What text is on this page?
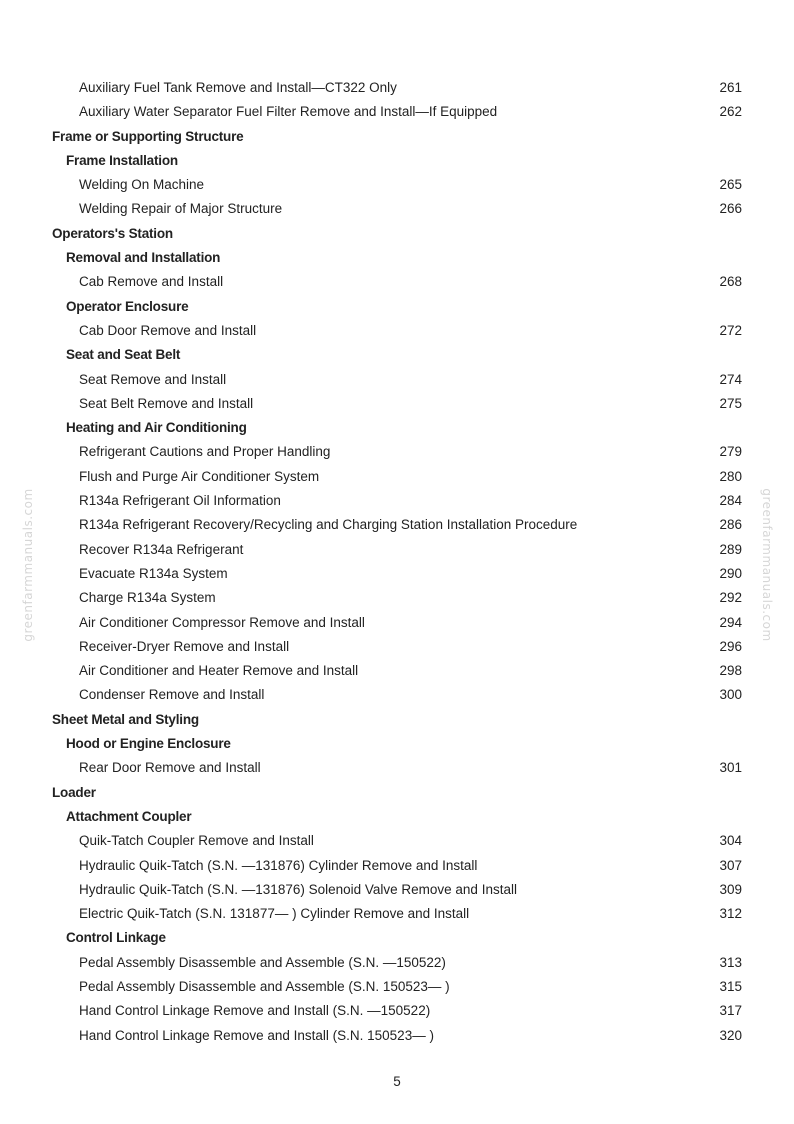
greenfarmmanuals.com	greenfarmmanuals.com
Auxiliary Fuel Tank Remove and Install—CT322 Only	261
Auxiliary Water Separator Fuel Filter Remove and Install—If Equipped	262
Frame or Supporting Structure
Frame Installation
Welding On Machine	265
Welding Repair of Major Structure	266
Operators's Station
Removal and Installation
Cab Remove and Install	268
Operator Enclosure
Cab Door Remove and Install	272
Seat and Seat Belt
Seat Remove and Install	274
Seat Belt Remove and Install	275
Heating and Air Conditioning
Refrigerant Cautions and Proper Handling	279
Flush and Purge Air Conditioner System	280
R134a Refrigerant Oil Information	284
R134a Refrigerant Recovery/Recycling and Charging Station Installation Procedure	286
Recover R134a Refrigerant	289
Evacuate R134a System	290
Charge R134a System	292
Air Conditioner Compressor Remove and Install	294
Receiver-Dryer Remove and Install	296
Air Conditioner and Heater Remove and Install	298
Condenser Remove and Install	300
Sheet Metal and Styling
Hood or Engine Enclosure
Rear Door Remove and Install	301
Loader
Attachment Coupler
Quik-Tatch Coupler Remove and Install	304
Hydraulic Quik-Tatch (S.N. —131876) Cylinder Remove and Install	307
Hydraulic Quik-Tatch (S.N. —131876) Solenoid Valve Remove and Install	309
Electric Quik-Tatch (S.N. 131877— ) Cylinder Remove and Install	312
Control Linkage
Pedal Assembly Disassemble and Assemble (S.N. —150522)	313
Pedal Assembly Disassemble and Assemble (S.N. 150523— )	315
Hand Control Linkage Remove and Install (S.N. —150522)	317
Hand Control Linkage Remove and Install (S.N. 150523— )	320
5
